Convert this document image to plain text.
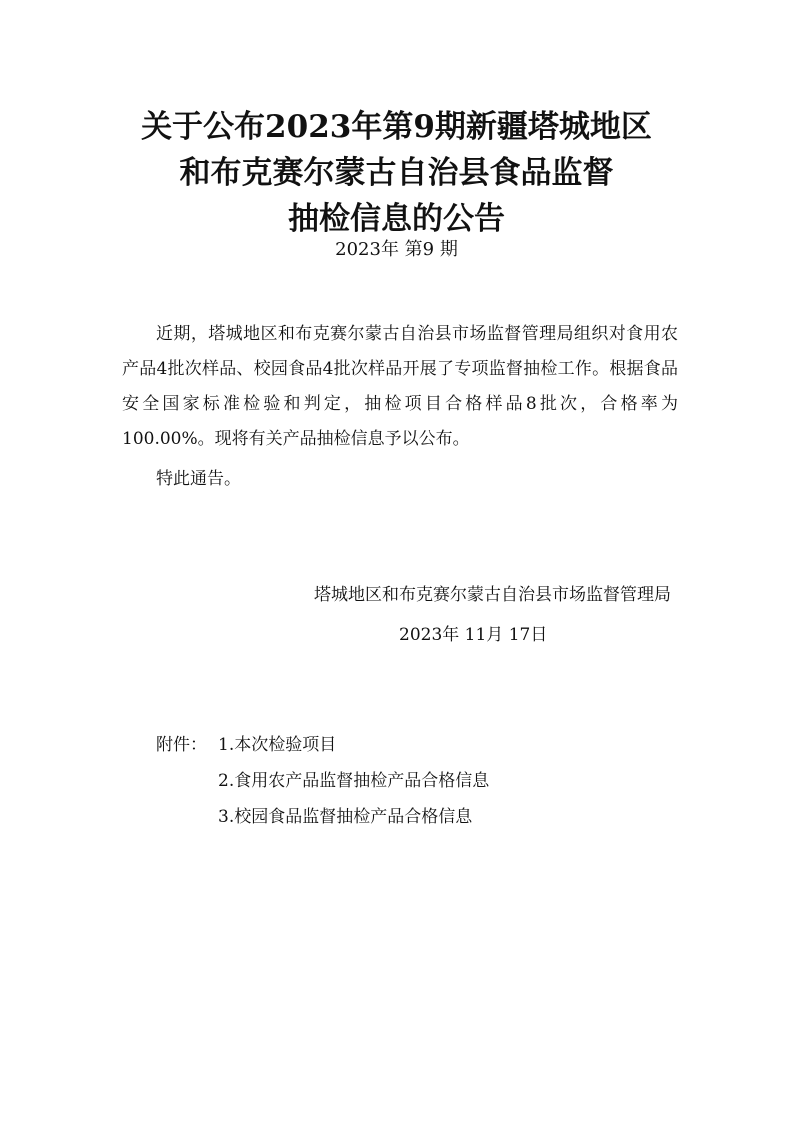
关于公布2023年第9期新疆塔城地区
和布克赛尔蒙古自治县食品监督
抽检信息的公告
2023年 第9 期

近期，塔城地区和布克赛尔蒙古自治县市场监督管理局组织对食用农产品4批次样品、校园食品4批次样品开展了专项监督抽检工作。根据食品安全国家标准检验和判定，抽检项目合格样品8批次，合格率为100.00%。现将有关产品抽检信息予以公布。

特此通告。
塔城地区和布克赛尔蒙古自治县市场监督管理局
2023年 11月 17日
附件： 1.本次检验项目
2.食用农产品监督抽检产品合格信息
3.校园食品监督抽检产品合格信息
